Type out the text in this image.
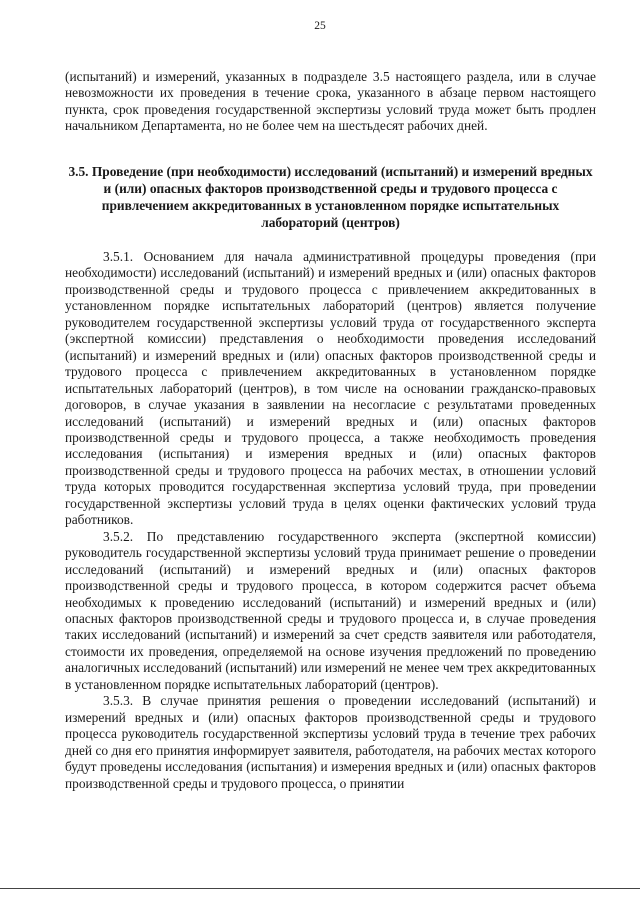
25

(испытаний) и измерений, указанных в подразделе 3.5 настоящего раздела, или в случае невозможности их проведения в течение срока, указанного в абзаце первом настоящего пункта, срок проведения государственной экспертизы условий труда может быть продлен начальником Департамента, но не более чем на шестьдесят рабочих дней.

3.5. Проведение (при необходимости) исследований (испытаний) и измерений вредных и (или) опасных факторов производственной среды и трудового процесса с привлечением аккредитованных в установленном порядке испытательных лабораторий (центров)

3.5.1. Основанием для начала административной процедуры проведения (при необходимости) исследований (испытаний) и измерений вредных и (или) опасных факторов производственной среды и трудового процесса с привлечением аккредитованных в установленном порядке испытательных лабораторий (центров) является получение руководителем государственной экспертизы условий труда от государственного эксперта (экспертной комиссии) представления о необходимости проведения исследований (испытаний) и измерений вредных и (или) опасных факторов производственной среды и трудового процесса с привлечением аккредитованных в установленном порядке испытательных лабораторий (центров), в том числе на основании гражданско-правовых договоров, в случае указания в заявлении на несогласие с результатами проведенных исследований (испытаний) и измерений вредных и (или) опасных факторов производственной среды и трудового процесса, а также необходимость проведения исследования (испытания) и измерения вредных и (или) опасных факторов производственной среды и трудового процесса на рабочих местах, в отношении условий труда которых проводится государственная экспертиза условий труда, при проведении государственной экспертизы условий труда в целях оценки фактических условий труда работников.

3.5.2. По представлению государственного эксперта (экспертной комиссии) руководитель государственной экспертизы условий труда принимает решение о проведении исследований (испытаний) и измерений вредных и (или) опасных факторов производственной среды и трудового процесса, в котором содержится расчет объема необходимых к проведению исследований (испытаний) и измерений вредных и (или) опасных факторов производственной среды и трудового процесса и, в случае проведения таких исследований (испытаний) и измерений за счет средств заявителя или работодателя, стоимости их проведения, определяемой на основе изучения предложений по проведению аналогичных исследований (испытаний) или измерений не менее чем трех аккредитованных в установленном порядке испытательных лабораторий (центров).

3.5.3. В случае принятия решения о проведении исследований (испытаний) и измерений вредных и (или) опасных факторов производственной среды и трудового процесса руководитель государственной экспертизы условий труда в течение трех рабочих дней со дня его принятия информирует заявителя, работодателя, на рабочих местах которого будут проведены исследования (испытания) и измерения вредных и (или) опасных факторов производственной среды и трудового процесса, о принятии
